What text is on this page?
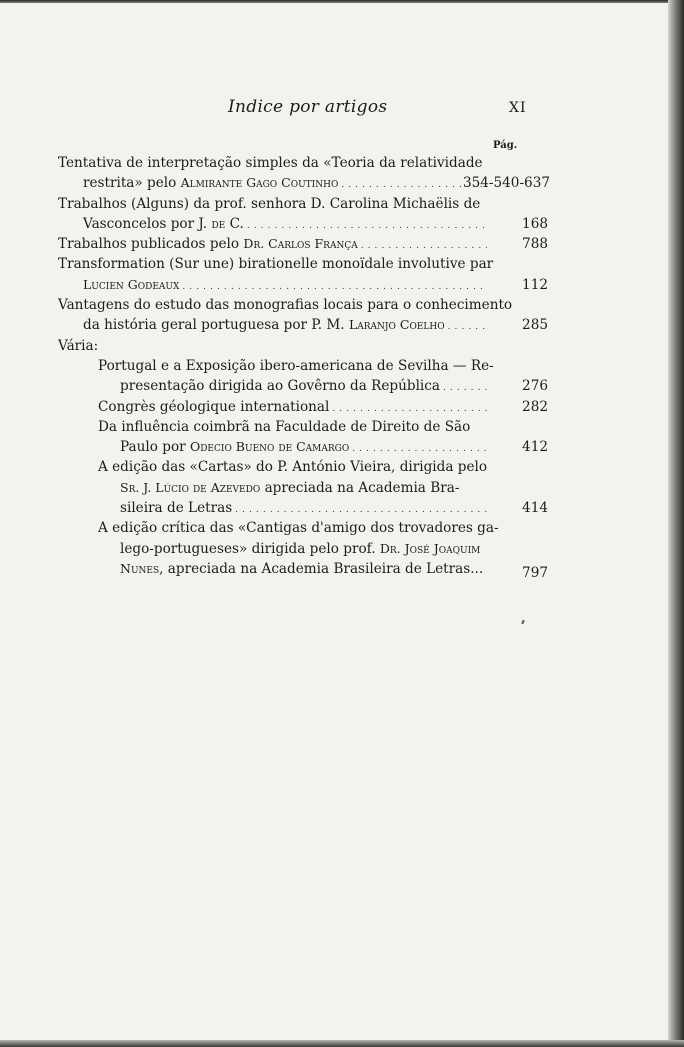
Indice por artigos	XI
Pág.
Tentativa de interpretação simples da «Teoria da relatividade
restrita» pelo
Almirante Gago Coutinho . . .	354-540-637
Trabalhos (Alguns) da prof. senhora D. Carolina Michaëlis de
Vasconcelos por J.
de
C. . . .	168
Trabalhos publicados pelo
Dr. Carlos França . . .	788
Transformation (Sur une) birationelle monoïdale involutive par
Lucien Godeaux . . .	112
Vantagens do estudo das monografias locais para o conhecimento
da história geral portuguesa por P. M.
Laranjo Coelho . . .	285
Vária:
Portugal e a Exposição ibero-americana de Sevilha — Re-
presentação dirigida ao Govêrno da República . . .	276
Congrès géologique international . . .	282
Da influência coimbrã na Faculdade de Direito de São
Paulo por
Odecio Bueno de Camargo . . .	412
A edição das «Cartas» do P. António Vieira, dirigida pelo
Sr. J. Lúcio de Azevedo
apreciada na Academia Bra-
sileira de Letras . . .	414
A edição crítica das «Cantigas d'amigo dos trovadores ga-
lego-portugueses» dirigida pelo prof.
Dr. José Joaquim
Nunes , apreciada na Academia Brasileira de Letras...	797
